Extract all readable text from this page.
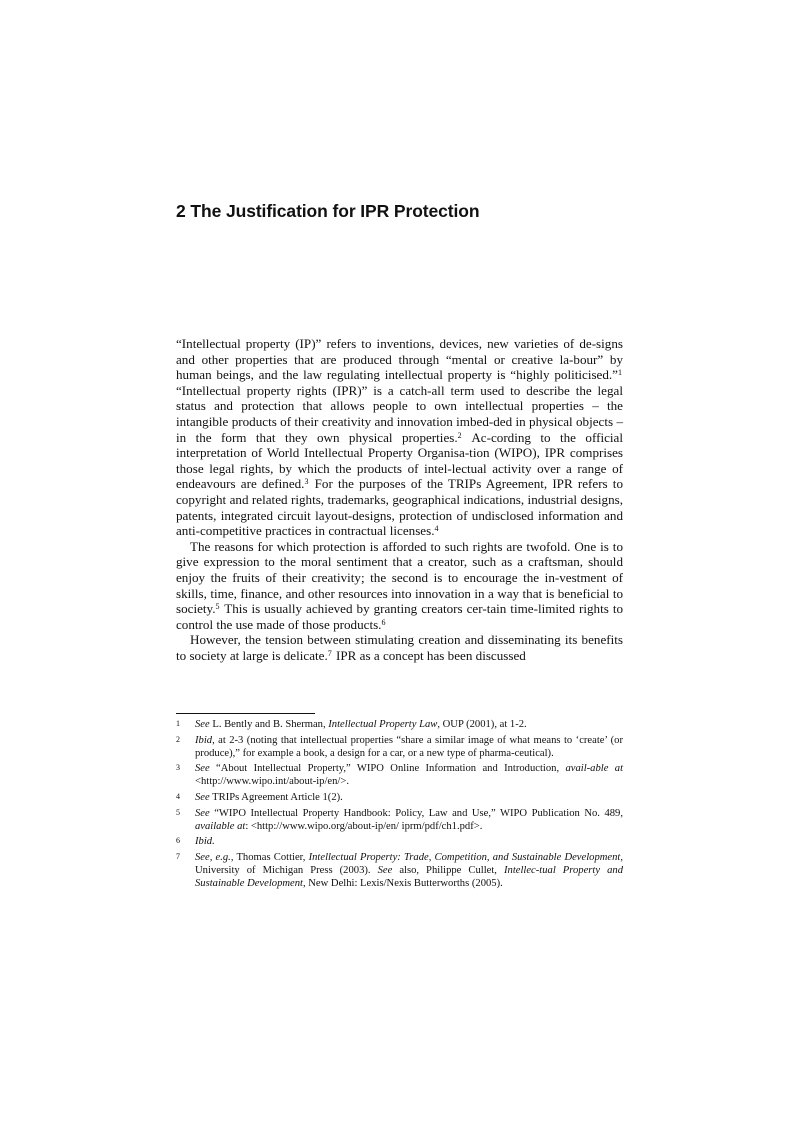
2 The Justification for IPR Protection

“Intellectual property (IP)” refers to inventions, devices, new varieties of de-signs and other properties that are produced through “mental or creative la-bour” by human beings, and the law regulating intellectual property is “highly politicised.”$^1$ “Intellectual property rights (IPR)” is a catch-all term used to describe the legal status and protection that allows people to own intellectual properties – the intangible products of their creativity and innovation imbed-ded in physical objects – in the form that they own physical properties.$^2$ Ac-cording to the official interpretation of World Intellectual Property Organisa-tion (WIPO), IPR comprises those legal rights, by which the products of intel-lectual activity over a range of endeavours are defined.$^3$ For the purposes of the TRIPs Agreement, IPR refers to copyright and related rights, trademarks, geographical indications, industrial designs, patents, integrated circuit layout-designs, protection of undisclosed information and anti-competitive practices in contractual licenses.$^4$

The reasons for which protection is afforded to such rights are twofold. One is to give expression to the moral sentiment that a creator, such as a craftsman, should enjoy the fruits of their creativity; the second is to encourage the in-vestment of skills, time, finance, and other resources into innovation in a way that is beneficial to society.$^5$ This is usually achieved by granting creators cer-tain time-limited rights to control the use made of those products.$^6$

However, the tension between stimulating creation and disseminating its benefits to society at large is delicate.$^7$ IPR as a concept has been discussed

1 See L. Bently and B. Sherman, Intellectual Property Law, OUP (2001), at 1-2.
2 Ibid, at 2-3 (noting that intellectual properties “share a similar image of what means to ‘create’ (or produce),” for example a book, a design for a car, or a new type of pharma-ceutical).
3 See “About Intellectual Property,” WIPO Online Information and Introduction, avail-able at <http://www.wipo.int/about-ip/en/>.
4 See TRIPs Agreement Article 1(2).
5 See “WIPO Intellectual Property Handbook: Policy, Law and Use,” WIPO Publication No. 489, available at: <http://www.wipo.org/about-ip/en/ iprm/pdf/ch1.pdf>.
6 Ibid.
7 See, e.g., Thomas Cottier, Intellectual Property: Trade, Competition, and Sustainable Development, University of Michigan Press (2003). See also, Philippe Cullet, Intellec-tual Property and Sustainable Development, New Delhi: Lexis/Nexis Butterworths (2005).
